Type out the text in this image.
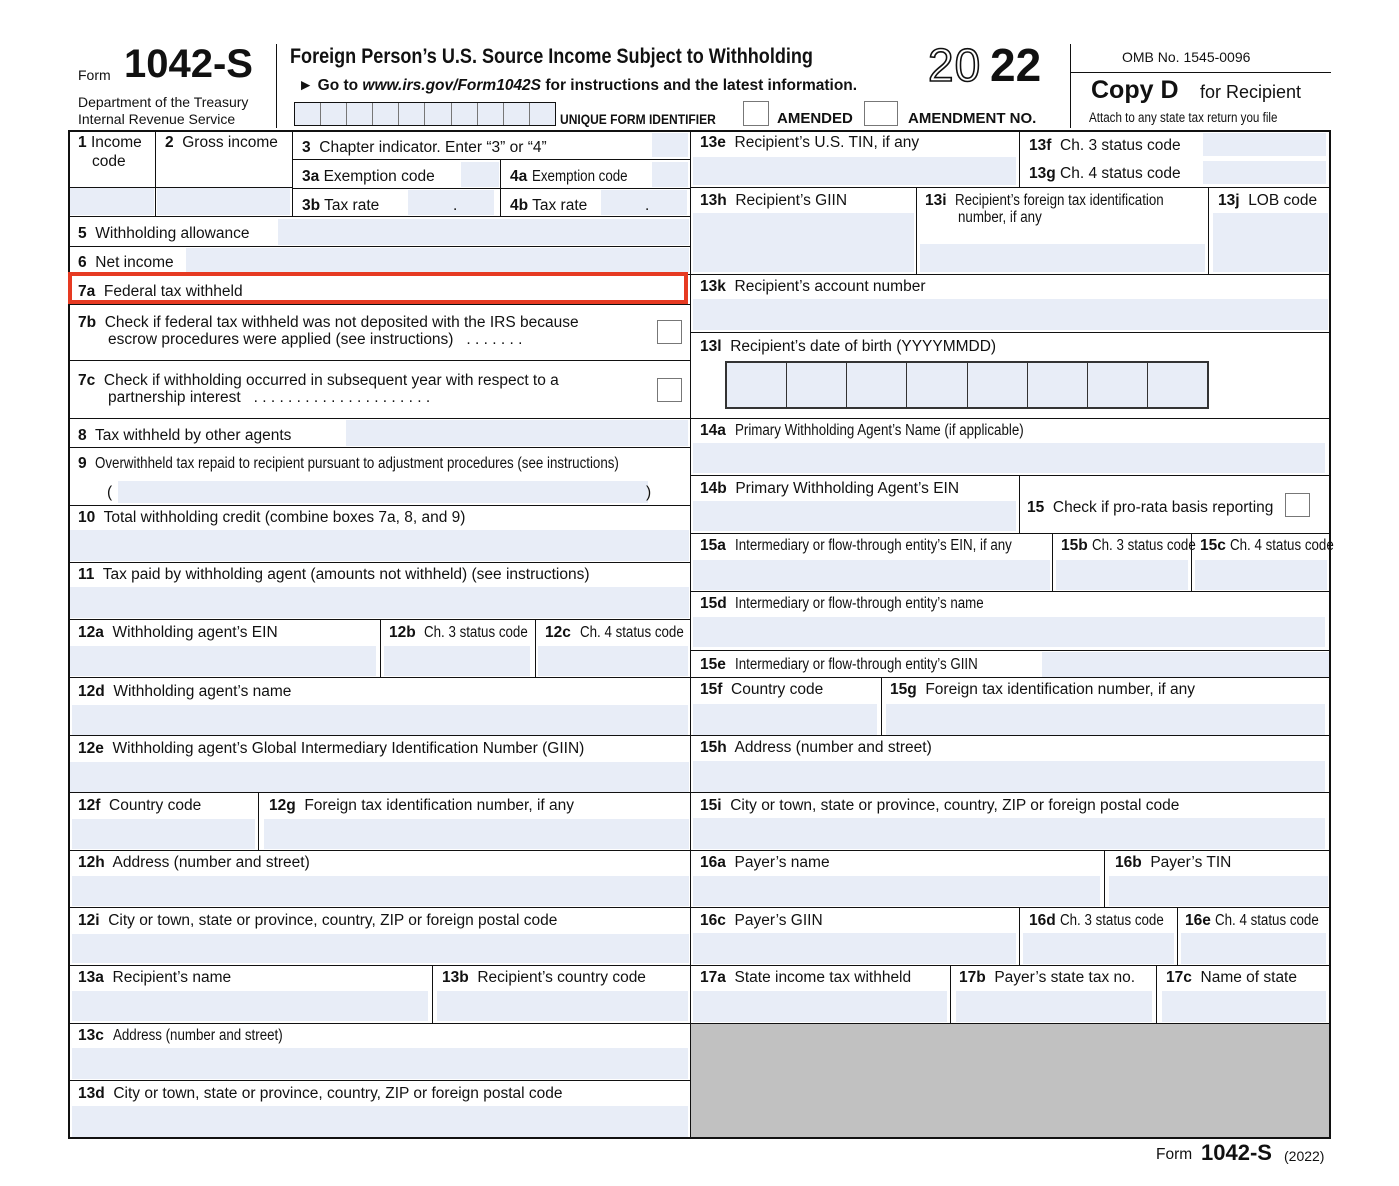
Form 1042-S
Department of the Treasury
Internal Revenue Service
Foreign Person’s U.S. Source Income Subject to Withholding
► Go to www.irs.gov/Form1042S for instructions and the latest information. 20 22
UNIQUE FORM IDENTIFIER	AMENDED	AMENDMENT NO.
OMB No. 1545-0096
Copy D for Recipient
Attach to any state tax return you file
1 Income
code
2 Gross income 3 Chapter indicator. Enter “3” or “4”
3a Exemption code	4a Exemption code
3b Tax rate	.	4b Tax rate	.
5 Withholding allowance
6 Net income
7a Federal tax withheld
7b Check if federal tax withheld was not deposited with the IRS because
escrow procedures were applied (see instructions) . . . . . . .
7c Check if withholding occurred in subsequent year with respect to a
partnership interest . . . . . . . . . . . . . . . . . . . . .
8 Tax withheld by other agents
9 Overwithheld tax repaid to recipient pursuant to adjustment procedures (see instructions)
(	)
10 Total withholding credit (combine boxes 7a, 8, and 9)
11 Tax paid by withholding agent (amounts not withheld) (see instructions)
12a Withholding agent’s EIN	12b Ch. 3 status code	12c Ch. 4 status code
12d Withholding agent’s name
12e Withholding agent’s Global Intermediary Identification Number (GIIN)
12f Country code	12g Foreign tax identification number, if any
12h Address (number and street)
12i City or town, state or province, country, ZIP or foreign postal code
13a Recipient’s name	13b Recipient’s country code
13c Address (number and street)
13d City or town, state or province, country, ZIP or foreign postal code
13e Recipient’s U.S. TIN, if any	13f Ch. 3 status code
13g Ch. 4 status code
13h Recipient’s GIIN	13i Recipient’s foreign tax identification
number, if any
13j LOB code
13k Recipient’s account number
13l Recipient’s date of birth (YYYYMMDD)
14a Primary Withholding Agent’s Name (if applicable)
14b Primary Withholding Agent’s EIN
15 Check if pro-rata basis reporting
15a Intermediary or flow-through entity’s EIN, if any	15b Ch. 3 status code 15c Ch. 4 status code
15d Intermediary or flow-through entity’s name
15e Intermediary or flow-through entity’s GIIN
15f Country code	15g Foreign tax identification number, if any
15h Address (number and street)
15i City or town, state or province, country, ZIP or foreign postal code
16a Payer’s name	16b Payer’s TIN
16c Payer’s GIIN	16d Ch. 3 status code	16e Ch. 4 status code
17a State income tax withheld	17b Payer’s state tax no. 17c Name of state
Form 1042-S (2022)
